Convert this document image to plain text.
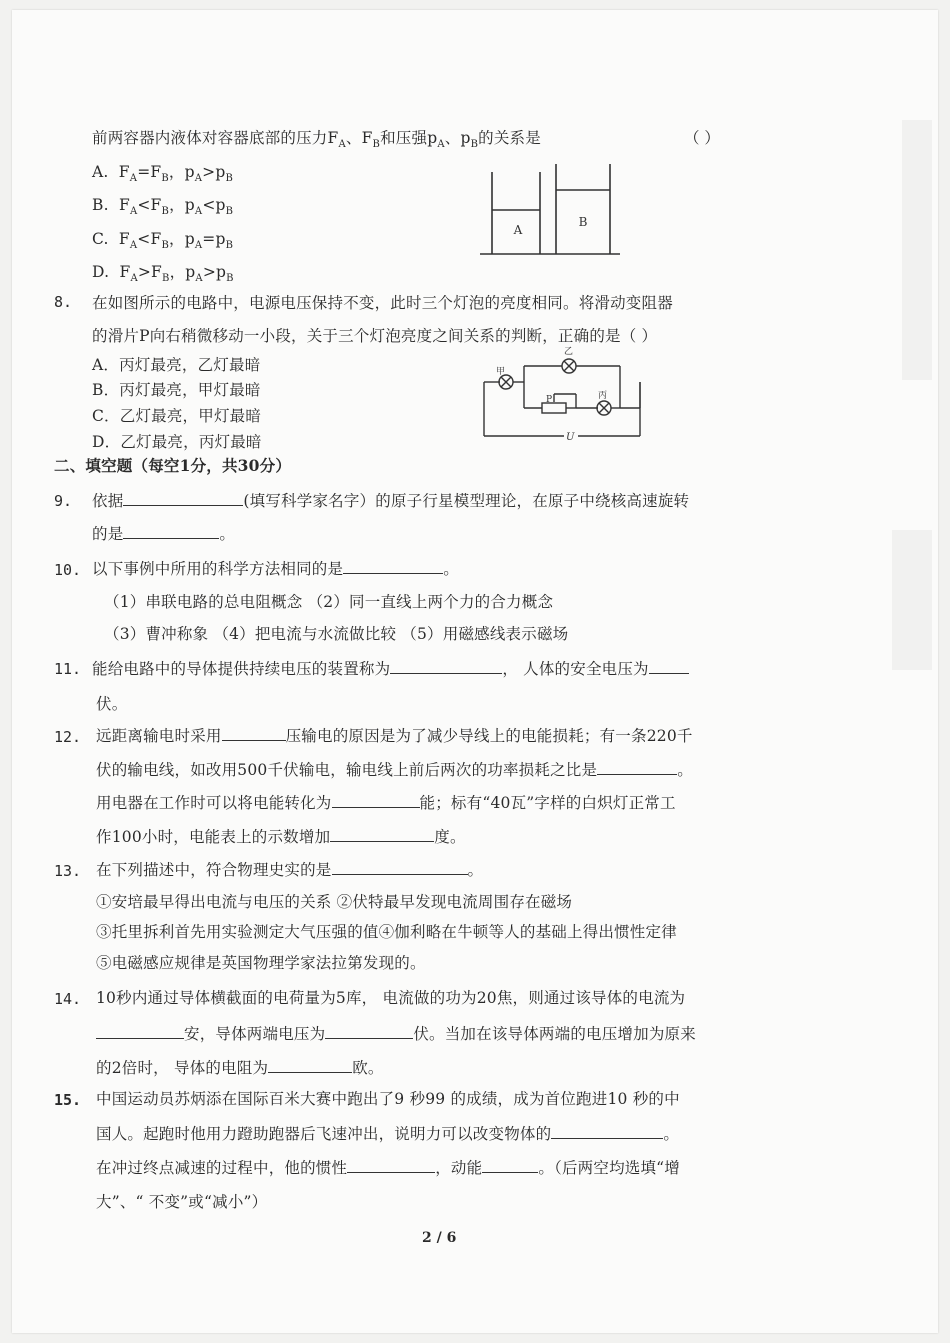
前两容器内液体对容器底部的压力$F_A$、$F_B$和压强$p_A$、$p_B$的关系是	（ ）
A. $F_A=F_B$，$p_A>p_B$
B. $F_A<F_B$，$p_A<p_B$
C. $F_A<F_B$，$p_A=p_B$
D. $F_A>F_B$，$p_A>p_B$
A
B
8. 在如图所示的电路中，电源电压保持不变，此时三个灯泡的亮度相同。将滑动变阻器
的滑片P向右稍微移动一小段，关于三个灯泡亮度之间关系的判断，正确的是（ ）
A．丙灯最亮，乙灯最暗
B．丙灯最亮，甲灯最暗
C．乙灯最亮，甲灯最暗
D．乙灯最亮，丙灯最暗
甲
乙
丙
P
U
二、填空题（每空1分，共30分）
9. 依据	(填写科学家名字）的原子行星模型理论，在原子中绕核高速旋转
的是	。
10. 以下事例中所用的科学方法相同的是	。
（1）串联电路的总电阻概念 （2）同一直线上两个力的合力概念
（3）曹冲称象 （4）把电流与水流做比较 （5）用磁感线表示磁场
11. 能给电路中的导体提供持续电压的装置称为	， 人体的安全电压为
伏。
12. 远距离输电时采用	压输电的原因是为了减少导线上的电能损耗；有一条220千
伏的输电线，如改用500千伏输电，输电线上前后两次的功率损耗之比是	。
用电器在工作时可以将电能转化为	能；标有“40瓦”字样的白炽灯正常工
作100小时，电能表上的示数增加	度。
13. 在下列描述中，符合物理史实的是	。
①安培最早得出电流与电压的关系 ②伏特最早发现电流周围存在磁场
③托里拆利首先用实验测定大气压强的值④伽利略在牛顿等人的基础上得出惯性定律
⑤电磁感应规律是英国物理学家法拉第发现的。
14. 10秒内通过导体横截面的电荷量为5库， 电流做的功为20焦，则通过该导体的电流为
安，导体两端电压为	伏。当加在该导体两端的电压增加为原来
的2倍时， 导体的电阻为	欧。
15. 中国运动员苏炳添在国际百米大赛中跑出了9 秒99 的成绩，成为首位跑进10 秒的中
国人。起跑时他用力蹬助跑器后飞速冲出，说明力可以改变物体的	。
在冲过终点减速的过程中，他的惯性	，动能	。（后两空均选填“增
大”、“ 不变”或“减小”）
2 / 6
